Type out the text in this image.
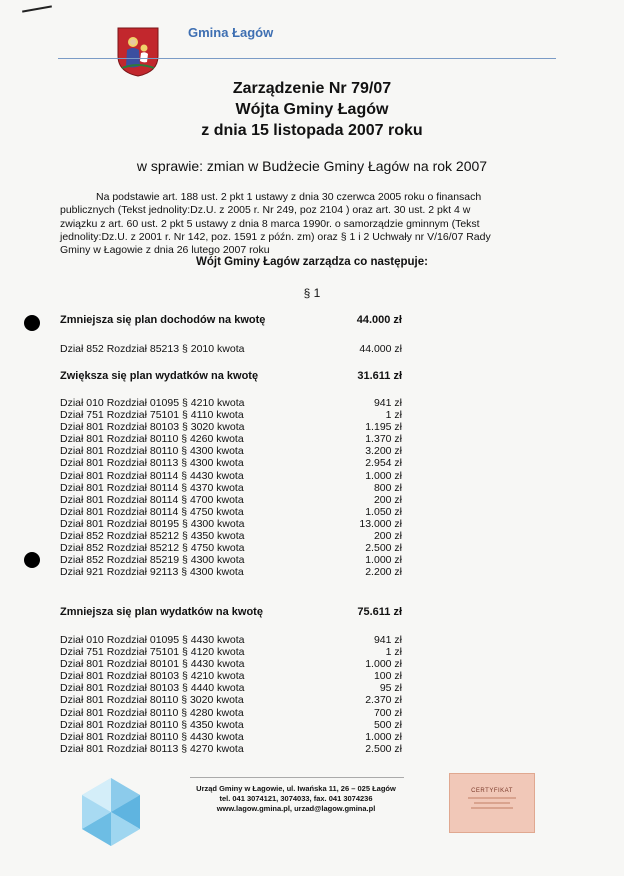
Gmina Łagów
Zarządzenie Nr 79/07
Wójta Gminy Łagów
z dnia 15 listopada 2007 roku
w sprawie: zmian w Budżecie Gminy Łagów na rok 2007
Na podstawie art. 188 ust. 2 pkt 1 ustawy z dnia 30 czerwca 2005 roku o finansach publicznych (Tekst jednolity:Dz.U. z 2005 r. Nr 249, poz 2104 ) oraz art. 30 ust. 2 pkt 4 w związku z art. 60 ust. 2 pkt 5 ustawy z dnia 8 marca 1990r. o samorządzie gminnym (Tekst jednolity:Dz.U. z 2001 r. Nr 142, poz. 1591 z późn. zm) oraz § 1 i 2 Uchwały nr V/16/07 Rady Gminy w Łagowie z dnia 26 lutego 2007 roku
Wójt Gminy Łagów zarządza co następuje:
§ 1
Zmniejsza się plan dochodów na kwotę	44.000 zł
Dział 852 Rozdział 85213 § 2010 kwota	44.000 zł
Zwiększa się plan wydatków na kwotę	31.611 zł
Dział 010 Rozdział 01095 § 4210 kwota	941 zł
Dział 751 Rozdział 75101 § 4110 kwota	1 zł
Dział 801 Rozdział 80103 § 3020 kwota	1.195 zł
Dział 801 Rozdział 80110 § 4260 kwota	1.370 zł
Dział 801 Rozdział 80110 § 4300 kwota	3.200 zł
Dział 801 Rozdział 80113 § 4300 kwota	2.954 zł
Dział 801 Rozdział 80114 § 4430 kwota	1.000 zł
Dział 801 Rozdział 80114 § 4370 kwota	800 zł
Dział 801 Rozdział 80114 § 4700 kwota	200 zł
Dział 801 Rozdział 80114 § 4750 kwota	1.050 zł
Dział 801 Rozdział 80195 § 4300 kwota	13.000 zł
Dział 852 Rozdział 85212 § 4350 kwota	200 zł
Dział 852 Rozdział 85212 § 4750 kwota	2.500 zł
Dział 852 Rozdział 85219 § 4300 kwota	1.000 zł
Dział 921 Rozdział 92113 § 4300 kwota	2.200 zł
Zmniejsza się plan wydatków na kwotę	75.611 zł
Dział 010 Rozdział 01095 § 4430 kwota	941 zł
Dział 751 Rozdział 75101 § 4120 kwota	1 zł
Dział 801 Rozdział 80101 § 4430 kwota	1.000 zł
Dział 801 Rozdział 80103 § 4210 kwota	100 zł
Dział 801 Rozdział 80103 § 4440 kwota	95 zł
Dział 801 Rozdział 80110 § 3020 kwota	2.370 zł
Dział 801 Rozdział 80110 § 4280 kwota	700 zł
Dział 801 Rozdział 80110 § 4350 kwota	500 zł
Dział 801 Rozdział 80110 § 4430 kwota	1.000 zł
Dział 801 Rozdział 80113 § 4270 kwota	2.500 zł
Urząd Gminy w Łagowie, ul. Iwańska 11, 26 – 025 Łagów
tel. 041 3074121, 3074033, fax. 041 3074236
www.lagow.gmina.pl, urzad@lagow.gmina.pl
CERTYFIKAT
